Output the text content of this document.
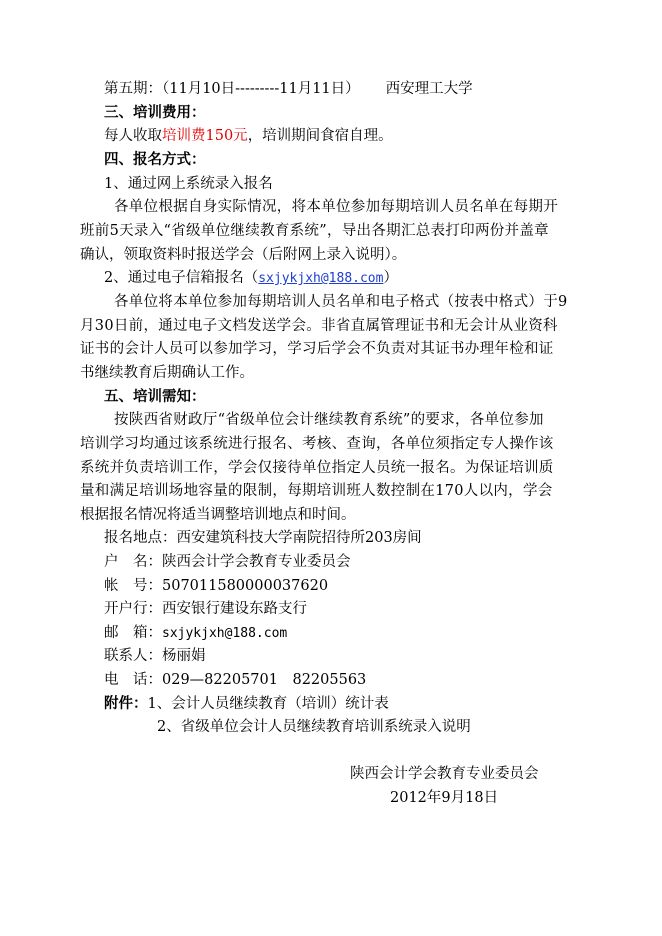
第五期：（11月10日---------11月11日） 西安理工大学
三、培训费用：
每人收取培训费150元，培训期间食宿自理。
四、报名方式：
1、通过网上系统录入报名
各单位根据自身实际情况，将本单位参加每期培训人员名单在每期开
班前5天录入“省级单位继续教育系统”，导出各期汇总表打印两份并盖章
确认，领取资料时报送学会（后附网上录入说明）。
2、通过电子信箱报名（sxjykjxh@188.com）
各单位将本单位参加每期培训人员名单和电子格式（按表中格式）于9
月30日前，通过电子文档发送学会。非省直属管理证书和无会计从业资科
证书的会计人员可以参加学习，学习后学会不负责对其证书办理年检和证
书继续教育后期确认工作。
五、培训需知：
按陕西省财政厅“省级单位会计继续教育系统”的要求，各单位参加
培训学习均通过该系统进行报名、考核、查询，各单位须指定专人操作该
系统并负责培训工作，学会仅接待单位指定人员统一报名。为保证培训质
量和满足培训场地容量的限制，每期培训班人数控制在170人以内，学会
根据报名情况将适当调整培训地点和时间。
报名地点：西安建筑科技大学南院招待所203房间
户　名：陕西会计学会教育专业委员会
帐　号：507011580000037620
开户行：西安银行建设东路支行
邮　箱：sxjykjxh@188.com
联系人：杨丽娟
电　话：029—82205701　82205563
附件：1、会计人员继续教育（培训）统计表
2、省级单位会计人员继续教育培训系统录入说明
陕西会计学会教育专业委员会
2012年9月18日
